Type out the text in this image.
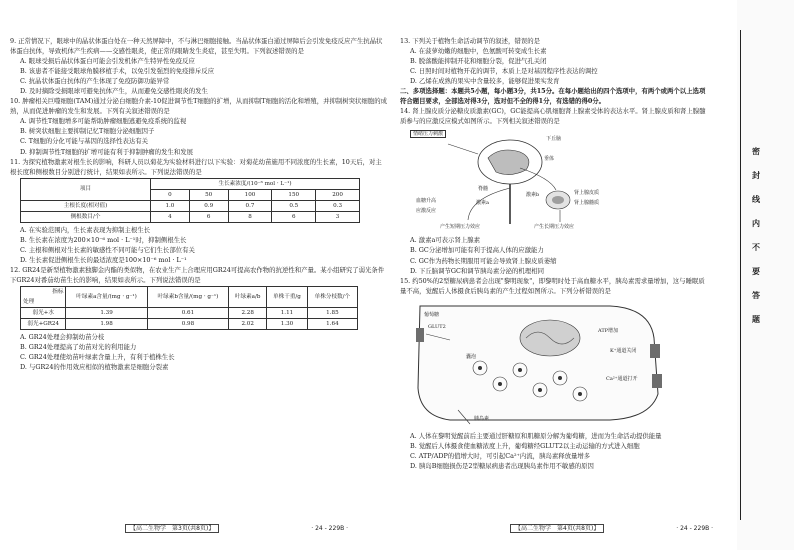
9. 正常情况下，眼球中的晶状体蛋白处在一种天然屏障中，不与淋巴细胞接触。当晶状体蛋白通过屏障后会引发免疫反应产生抗晶状体蛋白抗体，导致机体产生疾病——交感性眼炎，使正常的眼睛发生炎症，甚至失明。下列叙述错误的是

A. 眼球受损后晶状体蛋白可能会引发机体产生特异性免疫反应

B. 该患者不能接受眼球角膜移植手术，以免引发强烈的免疫排斥反应

C. 抗晶状体蛋白抗体的产生体现了免疫防御功能异常

D. 及时摘除受损眼球可避免抗体产生，从而避免交感性眼炎的发生

10. 肿瘤相关巨噬细胞(TAM)通过分泌白细胞介素-10促进调节性T细胞的扩增，从而抑制T细胞的活化和增殖，并抑制树突状细胞的成熟，从而促进肿瘤的发生和发展。下列有关叙述错误的是

A. 调节性T细胞增多可能帮助肿瘤细胞逃避免疫系统的监视

B. 树突状细胞主要抑制记忆T细胞分泌细胞因子

C. T细胞的分化可能与基因的选择性表达有关

D. 抑制调节性T细胞的扩增可能有利于抑制肿瘤的发生和发展

11. 为探究植物激素对根生长的影响，科研人员以菊花为实验材料进行以下实验：对菊花幼苗施用不同浓度的生长素，10天后，对主根长度和侧根数目分别进行统计，结果如表所示。下列说法错误的是

项目	生长素浓度/(10⁻⁶ mol · L⁻¹)				
	0	50	100	150	200
主根长度(相对值)	1.0	0.9	0.7	0.5	0.3
侧根数目/个	4	6	8	6	3

A. 在实验范围内，生长素表现为抑制主根生长

B. 生长素在浓度为200×10⁻⁶ mol · L⁻¹时，抑制侧根生长

C. 主根和侧根对生长素的敏感性不同可能与它们生长部位有关

D. 生长素促进侧根生长的最适浓度是100×10⁻⁶ mol · L⁻¹

12. GR24是新型植物激素独脚金内酯的类似物，在农业生产上合理应用GR24可提高农作物的抗逆性和产量。某小组研究了弱光条件下GR24对番茄幼苗生长的影响，结果如表所示。下列说法错误的是

指标
处理	叶绿素a含量/(mg · g⁻¹)	叶绿素b含量/(mg · g⁻¹)	叶绿素a/b	单株干重/g	单株分枝数/个
弱光+水	1.39	0.61	2.28	1.11	1.85
弱光+GR24	1.98	0.98	2.02	1.30	1.64

A. GR24处理会抑制幼苗分枝

B. GR24处理提高了幼苗对光的利用能力

C. GR24处理使幼苗叶绿素含量上升，有利于植株生长

D. 与GR24的作用效应相似的植物激素是细胞分裂素

【高二生物学　第3页(共8页)】	· 24 - 229B ·

13. 下列关于植物生命活动调节的叙述，错误的是

A. 在菠萝幼嫩的细胞中，色氨酸可转变成生长素

B. 脱落酸能抑制开花和细胞分裂，促进气孔关闭

C. 日照时间对植物开花的调节，本质上是对基因程序性表达的调控

D. 乙烯在成熟的果实中含量较多，能够促进果实发育

二、多项选择题：本题共5小题，每小题3分，共15分。在每小题给出的四个选项中，有两个或两个以上选项符合题目要求，全部选对得3分，选对但不全的得1分，有选错的得0分。

14. 肾上腺皮质分泌糖皮质激素(GC)，GC能提高心肌细胞肾上腺素受体的表达水平。肾上腺皮质和肾上腺髓质参与的应激反应模式如图所示。下列相关叙述错误的是

情绪压力刺激
下丘脑
垂体
脊髓
肾上腺皮质
肾上腺髓质
激素a
激素b
血糖升高
应激反应
产生短期压力效应	产生长期压力效应

A. 激素a可表示肾上腺素

B. GC分泌增加可能有利于提高人体的应激能力

C. GC作为药物长期服用可能会导致肾上腺皮质萎缩

D. 下丘脑调节GC和调节胰岛素分泌的机理相同

15. 约50%的2型糖尿病患者会出现"黎明现象"，即黎明时处于高血糖水平，胰岛素需求量增加，这与睡眠质量不高，觉醒后人体摄食后胰岛素的产生过程如图所示。下列分析错误的是

葡萄糖
GLUT2
ATP增加
K⁺通道关闭
Ca²⁺通道打开
胰岛素
囊泡

A. 人体在黎明觉醒前后主要通过肝糖原和肌糖原分解为葡萄糖，进而为生命活动提供能量

B. 觉醒后人体摄食使血糖浓度上升，葡萄糖经GLUT2以主动运输的方式进入细胞

C. ATP/ADP的值增大时，可引起Ca²⁺内流，胰岛素释放量增多

D. 胰岛B细胞损伤是2型糖尿病患者出现胰岛素作用不敏感的原因

【高二生物学　第4页(共8页)】	· 24 - 229B ·
密 封 线 内 不 要 答 题
